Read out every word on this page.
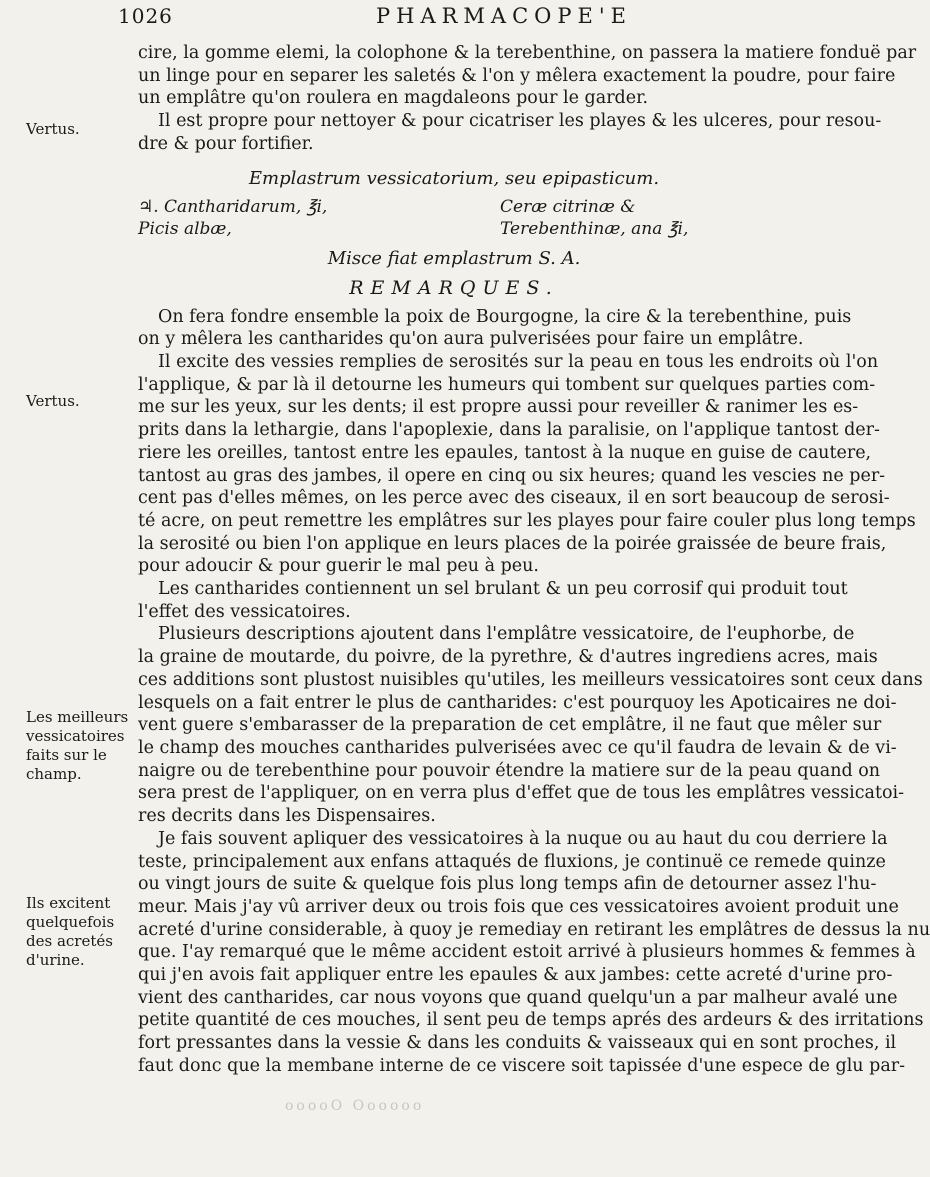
1026	PHARMACOPE'E
Vertus.
Vertus.
Les meilleurs
vessicatoires
faits sur le
champ.
Ils excitent
quelquefois
des acretés
d'urine.

cire, la gomme elemi, la colophone & la terebenthine, on passera la matiere fonduë par
un linge pour en separer les saletés & l'on y mêlera exactement la poudre, pour faire
un emplâtre qu'on roulera en magdaleons pour le garder.

Il est propre pour nettoyer & pour cicatriser les playes & les ulceres, pour resou-
dre & pour fortifier.

Emplastrum vessicatorium, seu epipasticum.
♃. Cantharidarum, ℥i,
Picis albæ,
Ceræ citrinæ &
Terebenthinæ, ana ℥i,
Misce fiat emplastrum S. A.
REMARQUES.

On fera fondre ensemble la poix de Bourgogne, la cire & la terebenthine, puis
on y mêlera les cantharides qu'on aura pulverisées pour faire un emplâtre.

Il excite des vessies remplies de serosités sur la peau en tous les endroits où l'on
l'applique, & par là il detourne les humeurs qui tombent sur quelques parties com-
me sur les yeux, sur les dents; il est propre aussi pour reveiller & ranimer les es-
prits dans la lethargie, dans l'apoplexie, dans la paralisie, on l'applique tantost der-
riere les oreilles, tantost entre les epaules, tantost à la nuque en guise de cautere,
tantost au gras des jambes, il opere en cinq ou six heures; quand les vescies ne per-
cent pas d'elles mêmes, on les perce avec des ciseaux, il en sort beaucoup de serosi-
té acre, on peut remettre les emplâtres sur les playes pour faire couler plus long temps
la serosité ou bien l'on applique en leurs places de la poirée graissée de beure frais,
pour adoucir & pour guerir le mal peu à peu.

Les cantharides contiennent un sel brulant & un peu corrosif qui produit tout
l'effet des vessicatoires.

Plusieurs descriptions ajoutent dans l'emplâtre vessicatoire, de l'euphorbe, de
la graine de moutarde, du poivre, de la pyrethre, & d'autres ingrediens acres, mais
ces additions sont plustost nuisibles qu'utiles, les meilleurs vessicatoires sont ceux dans
lesquels on a fait entrer le plus de cantharides: c'est pourquoy les Apoticaires ne doi-
vent guere s'embarasser de la preparation de cet emplâtre, il ne faut que mêler sur
le champ des mouches cantharides pulverisées avec ce qu'il faudra de levain & de vi-
naigre ou de terebenthine pour pouvoir étendre la matiere sur de la peau quand on
sera prest de l'appliquer, on en verra plus d'effet que de tous les emplâtres vessicatoi-
res decrits dans les Dispensaires.

Je fais souvent apliquer des vessicatoires à la nuque ou au haut du cou derriere la
teste, principalement aux enfans attaqués de fluxions, je continuë ce remede quinze
ou vingt jours de suite & quelque fois plus long temps afin de detourner assez l'hu-
meur. Mais j'ay vû arriver deux ou trois fois que ces vessicatoires avoient produit une
acreté d'urine considerable, à quoy je remediay en retirant les emplâtres de dessus la nu
que. I'ay remarqué que le même accident estoit arrivé à plusieurs hommes & femmes à
qui j'en avois fait appliquer entre les epaules & aux jambes: cette acreté d'urine pro-
vient des cantharides, car nous voyons que quand quelqu'un a par malheur avalé une
petite quantité de ces mouches, il sent peu de temps aprés des ardeurs & des irritations
fort pressantes dans la vessie & dans les conduits & vaisseaux qui en sont proches, il
faut donc que la membane interne de ce viscere soit tapissée d'une espece de glu par-

ooooO Oooooo
